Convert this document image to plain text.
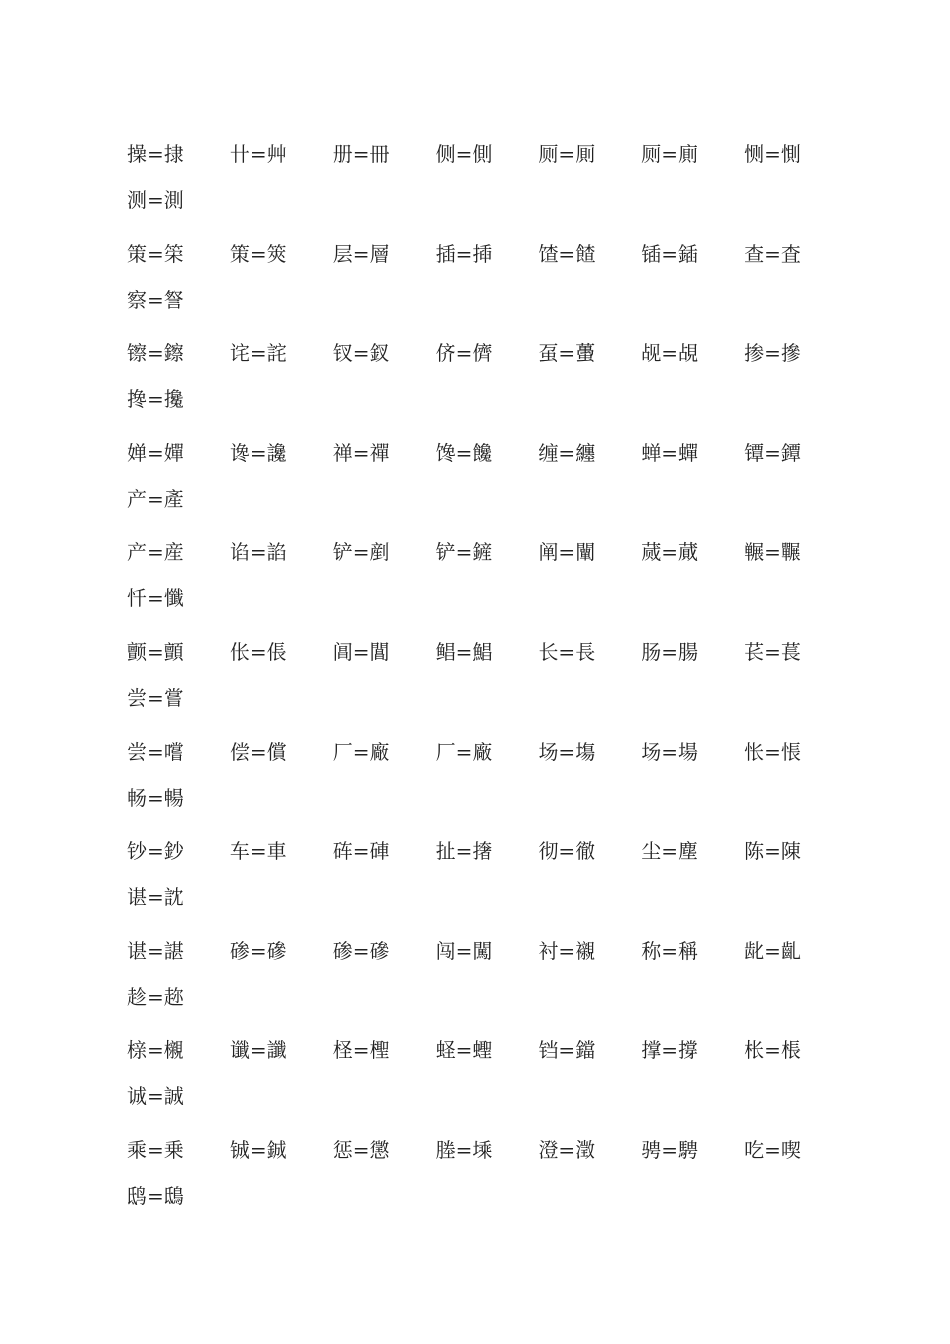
操=捸	卄=艸	册=冊	侧=側	厕=厠	厕=廁	恻=惻
测=測
策=筞	策=筴	层=層	插=揷	馇=餷	锸=鍤	查=査
察=詧
镲=鑔	诧=詫	钗=釵	侪=儕	虿=蠆	觇=覘	掺=摻
搀=攙
婵=嬋	谗=讒	禅=禪	馋=饞	缠=纏	蝉=蟬	镡=鐔
产=產
产=産	谄=諂	铲=剷	铲=鏟	阐=闡	蒇=蕆	冁=囅
忏=懺
颤=顫	伥=倀	阊=閶	鲳=鯧	长=長	肠=腸	苌=萇
尝=嘗
尝=嚐	偿=償	厂=廠	厂=廠	场=塲	场=場	怅=悵
畅=暢
钞=鈔	车=車	砗=硨	扯=撦	彻=徹	尘=塵	陈=陳
谌=訦
谌=諶	碜=磣	碜=磣	闯=闖	衬=襯	称=稱	龀=齓
趁=趂
榇=櫬	谶=讖	柽=檉	蛏=蟶	铛=鐺	撑=撐	枨=棖
诚=誠
乘=乗	铖=鋮	惩=懲	塍=塖	澄=澂	骋=騁	吃=喫
鸱=鴟
